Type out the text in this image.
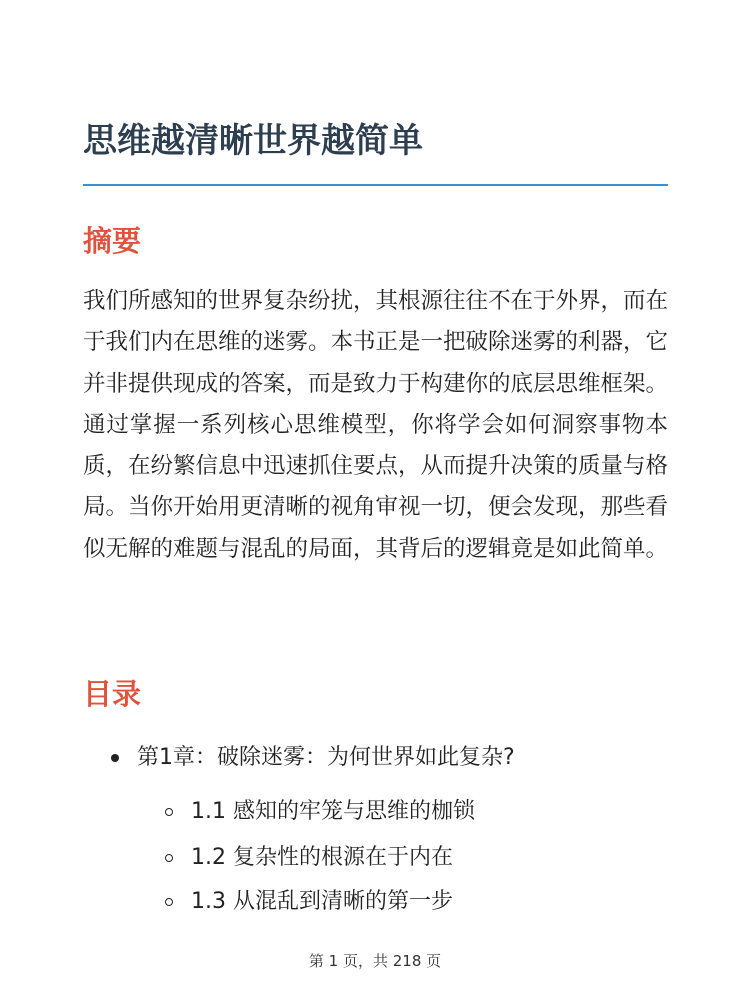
思维越清晰世界越简单
摘要

我们所感知的世界复杂纷扰，其根源往往不在于外界，而在于我们内在思维的迷雾。本书正是一把破除迷雾的利器，它并非提供现成的答案，而是致力于构建你的底层思维框架。通过掌握一系列核心思维模型，你将学会如何洞察事物本质，在纷繁信息中迅速抓住要点，从而提升决策的质量与格局。当你开始用更清晰的视角审视一切，便会发现，那些看似无解的难题与混乱的局面，其背后的逻辑竟是如此简单。

目录
第1章：破除迷雾：为何世界如此复杂?
1.1 感知的牢笼与思维的枷锁
1.2 复杂性的根源在于内在
1.3 从混乱到清晰的第一步
第 1 页，共 218 页
